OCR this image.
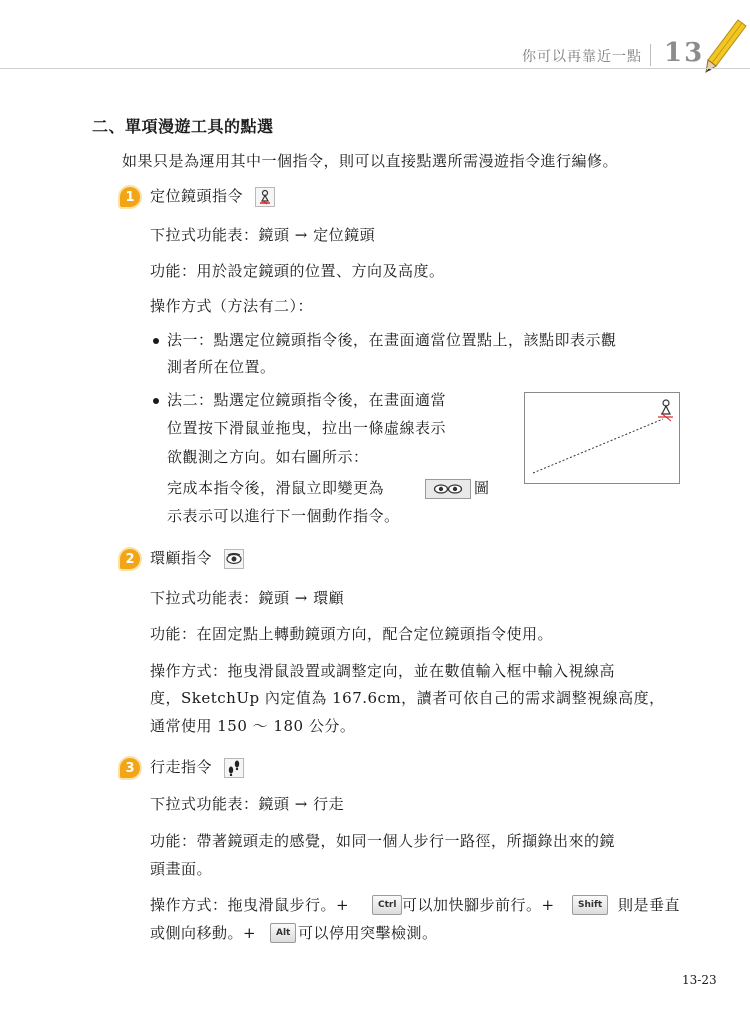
你可以再靠近一點 13
二、單項漫遊工具的點選
如果只是為運用其中一個指令，則可以直接點選所需漫遊指令進行編修。
1	定位鏡頭指令
下拉式功能表：鏡頭 → 定位鏡頭
功能：用於設定鏡頭的位置、方向及高度。
操作方式（方法有二）：
法一：點選定位鏡頭指令後，在畫面適當位置點上，該點即表示觀
測者所在位置。
法二：點選定位鏡頭指令後，在畫面適當
位置按下滑鼠並拖曳，拉出一條虛線表示
欲觀測之方向。如右圖所示：
完成本指令後，滑鼠立即變更為	圖
示表示可以進行下一個動作指令。
2	環顧指令
下拉式功能表：鏡頭 → 環顧
功能：在固定點上轉動鏡頭方向，配合定位鏡頭指令使用。
操作方式：拖曳滑鼠設置或調整定向，並在數值輸入框中輸入視線高
度，SketchUp 內定值為 167.6cm，讀者可依自己的需求調整視線高度，
通常使用 150 ～ 180 公分。
3	行走指令
下拉式功能表：鏡頭 → 行走
功能：帶著鏡頭走的感覺，如同一個人步行一路徑，所擷錄出來的鏡
頭畫面。
操作方式：拖曳滑鼠步行。+	Ctrl 可以加快腳步前行。+	Shift	則是垂直
或側向移動。+	Alt 可以停用突擊檢測。
13-23
